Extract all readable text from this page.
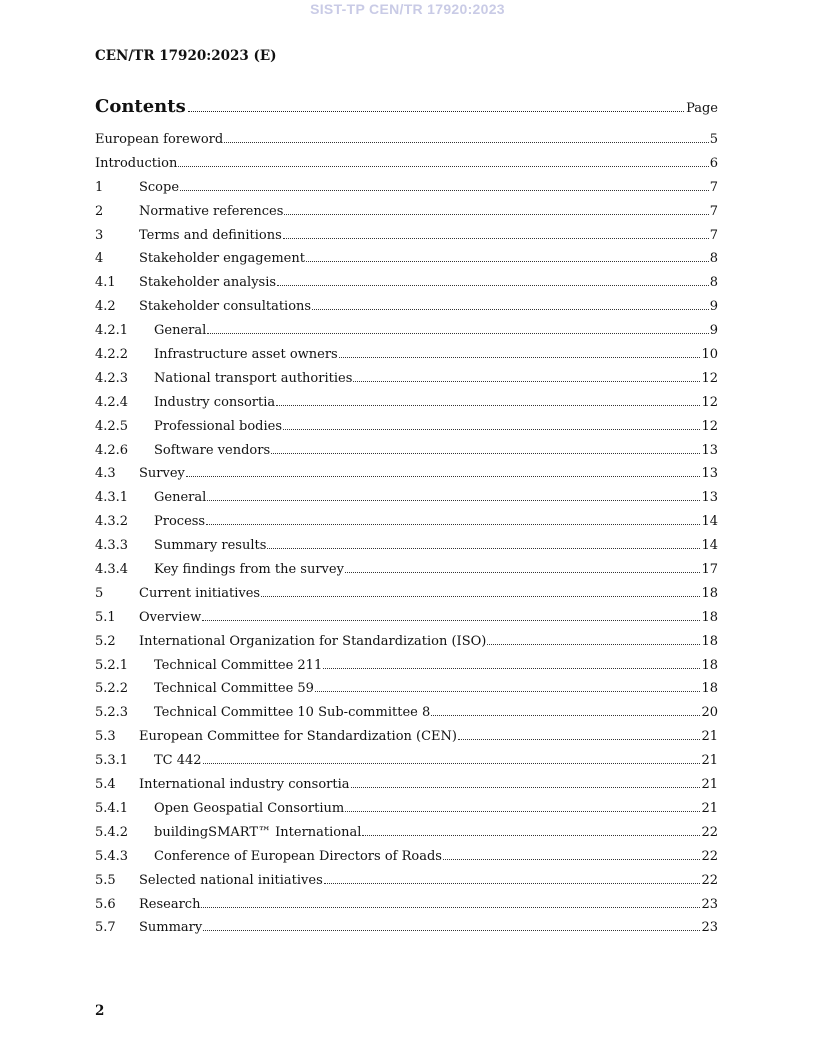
SIST-TP CEN/TR 17920:2023
CEN/TR 17920:2023 (E)
Contents	Page
European foreword	5
Introduction	6
1	Scope	7
2	Normative references	7
3	Terms and definitions	7
4	Stakeholder engagement	8
4.1	Stakeholder analysis	8
4.2	Stakeholder consultations	9
4.2.1	General	9
4.2.2	Infrastructure asset owners	10
4.2.3	National transport authorities	12
4.2.4	Industry consortia	12
4.2.5	Professional bodies	12
4.2.6	Software vendors	13
4.3	Survey	13
4.3.1	General	13
4.3.2	Process	14
4.3.3	Summary results	14
4.3.4	Key findings from the survey	17
5	Current initiatives	18
5.1	Overview	18
5.2	International Organization for Standardization (ISO)	18
5.2.1	Technical Committee 211	18
5.2.2	Technical Committee 59	18
5.2.3	Technical Committee 10 Sub-committee 8	20
5.3	European Committee for Standardization (CEN)	21
5.3.1	TC 442	21
5.4	International industry consortia	21
5.4.1	Open Geospatial Consortium	21
5.4.2	buildingSMART™ International	22
5.4.3	Conference of European Directors of Roads	22
5.5	Selected national initiatives	22
5.6	Research	23
5.7	Summary	23
2
